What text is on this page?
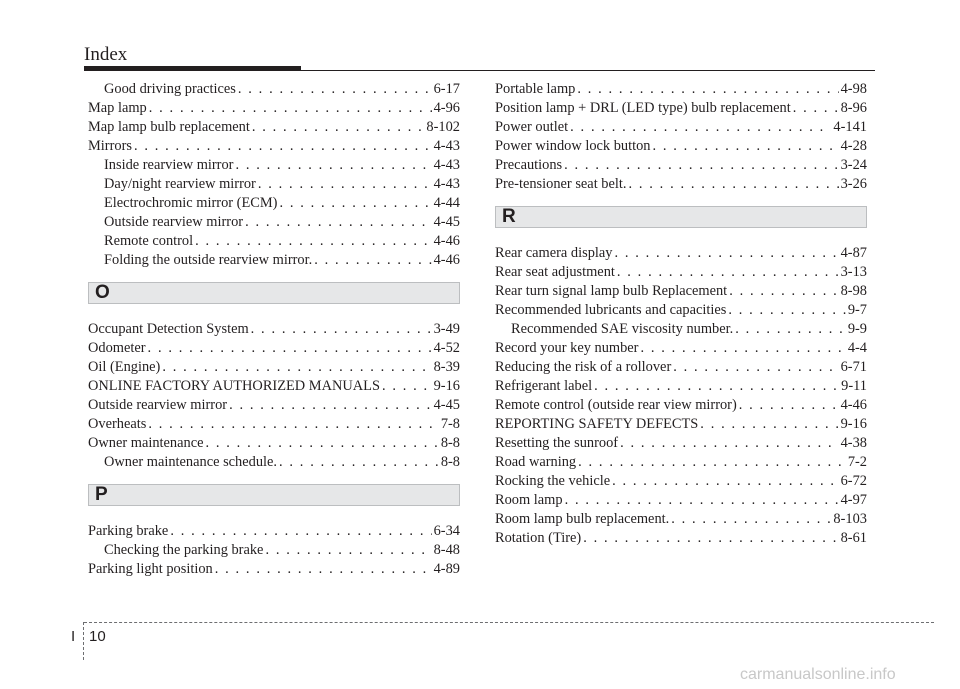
Index
Good driving practices . . .	6-17
Map lamp . . .	4-96
Map lamp bulb replacement . . .	8-102
Mirrors . . .	4-43
Inside rearview mirror . . .	4-43
Day/night rearview mirror . . .	4-43
Electrochromic mirror (ECM) . . .	4-44
Outside rearview mirror . . .	4-45
Remote control . . .	4-46
Folding the outside rearview mirror. . . .	4-46
O
Occupant Detection System . . .	3-49
Odometer . . .	4-52
Oil (Engine) . . .	8-39
ONLINE FACTORY AUTHORIZED MANUALS . . .	9-16
Outside rearview mirror . . .	4-45
Overheats . . .	7-8
Owner maintenance . . .	8-8
Owner maintenance schedule. . . .	8-8
P
Parking brake . . .	6-34
Checking the parking brake . . .	8-48
Parking light position . . .	4-89
Portable lamp . . .	4-98
Position lamp + DRL (LED type) bulb replacement . . .	8-96
Power outlet . . .	4-141
Power window lock button . . .	4-28
Precautions . . .	3-24
Pre-tensioner seat belt. . . .	3-26
R
Rear camera display . . .	4-87
Rear seat adjustment . . .	3-13
Rear turn signal lamp bulb Replacement . . .	8-98
Recommended lubricants and capacities . . .	9-7
Recommended SAE viscosity number. . . .	9-9
Record your key number . . .	4-4
Reducing the risk of a rollover . . .	6-71
Refrigerant label . . .	9-11
Remote control (outside rear view mirror) . . .	4-46
REPORTING SAFETY DEFECTS . . .	9-16
Resetting the sunroof . . .	4-38
Road warning . . .	7-2
Rocking the vehicle . . .	6-72
Room lamp . . .	4-97
Room lamp bulb replacement. . . .	8-103
Rotation (Tire) . . .	8-61
I 10
carmanualsonline.info
